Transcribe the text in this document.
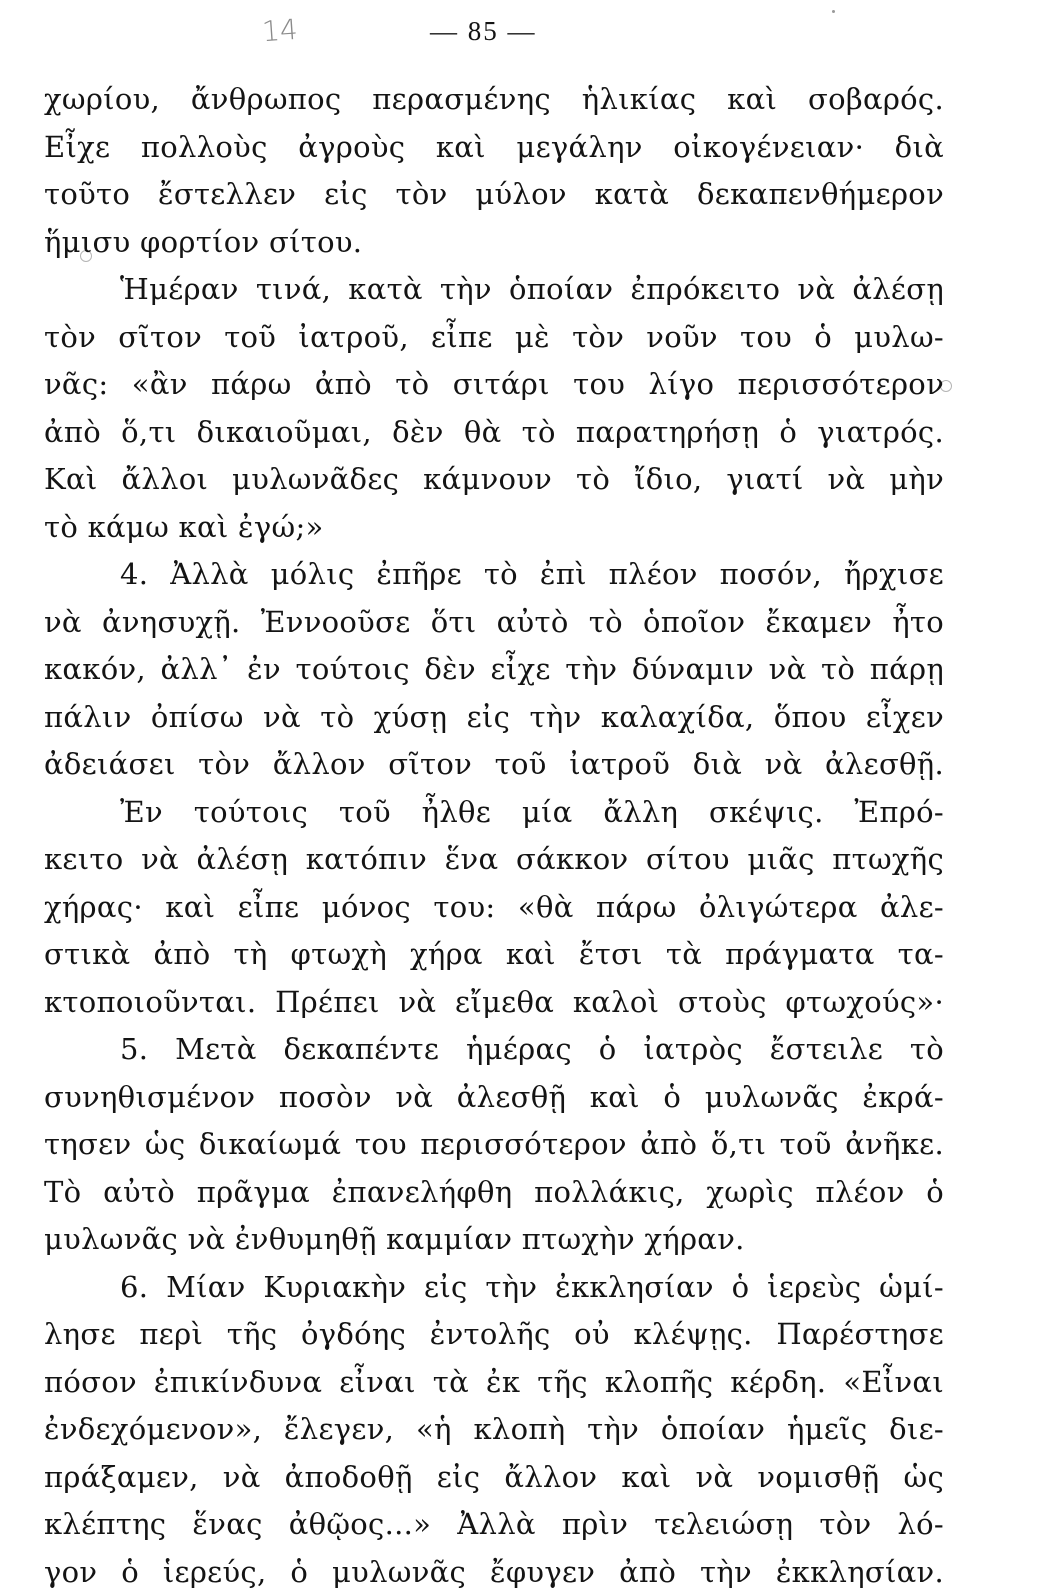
14	— 85 —
χωρίου, ἄνθρωπος περασμένης ἡλικίας καὶ σοβαρός.
Εἶχε πολλοὺς ἀγροὺς καὶ μεγάλην οἰκογένειαν· διὰ
τοῦτο ἔστελλεν εἰς τὸν μύλον κατὰ δεκαπενθήμερον
ἥμισυ φορτίον σίτου.
Ἡμέραν τινά, κατὰ τὴν ὁποίαν ἐπρόκειτο νὰ ἀλέσῃ
τὸν σῖτον τοῦ ἰατροῦ, εἶπε μὲ τὸν νοῦν του ὁ μυλω-
νᾶς: «ἂν πάρω ἀπὸ τὸ σιτάρι του λίγο περισσότερον
ἀπὸ ὅ,τι δικαιοῦμαι, δὲν θὰ τὸ παρατηρήσῃ ὁ γιατρός.
Καὶ ἄλλοι μυλωνᾶδες κάμνουν τὸ ἴδιο, γιατί νὰ μὴν
τὸ κάμω καὶ ἐγώ;»
4. Ἀλλὰ μόλις ἐπῆρε τὸ ἐπὶ πλέον ποσόν, ἤρχισε
νὰ ἀνησυχῇ. Ἐννοοῦσε ὅτι αὐτὸ τὸ ὁποῖον ἔκαμεν ἦτο
κακόν, ἀλλ᾿ ἐν τούτοις δὲν εἶχε τὴν δύναμιν νὰ τὸ πάρῃ
πάλιν ὀπίσω νὰ τὸ χύσῃ εἰς τὴν καλαχίδα, ὅπου εἶχεν
ἀδειάσει τὸν ἄλλον σῖτον τοῦ ἰατροῦ διὰ νὰ ἀλεσθῇ.
Ἐν τούτοις τοῦ ἦλθε μία ἄλλη σκέψις. Ἐπρό-
κειτο νὰ ἀλέσῃ κατόπιν ἕνα σάκκον σίτου μιᾶς πτωχῆς
χήρας· καὶ εἶπε μόνος του: «θὰ πάρω ὀλιγώτερα ἀλε-
στικὰ ἀπὸ τὴ φτωχὴ χήρα καὶ ἔτσι τὰ πράγματα τα-
κτοποιοῦνται. Πρέπει νὰ εἴμεθα καλοὶ στοὺς φτωχούς»·
5. Μετὰ δεκαπέντε ἡμέρας ὁ ἰατρὸς ἔστειλε τὸ
συνηθισμένον ποσὸν νὰ ἀλεσθῇ καὶ ὁ μυλωνᾶς ἐκρά-
τησεν ὡς δικαίωμά του περισσότερον ἀπὸ ὅ,τι τοῦ ἀνῆκε.
Τὸ αὐτὸ πρᾶγμα ἐπανελήφθη πολλάκις, χωρὶς πλέον ὁ
μυλωνᾶς νὰ ἐνθυμηθῇ καμμίαν πτωχὴν χήραν.
6. Μίαν Κυριακὴν εἰς τὴν ἐκκλησίαν ὁ ἱερεὺς ὡμί-
λησε περὶ τῆς ὀγδόης ἐντολῆς οὐ κλέψῃς. Παρέστησε
πόσον ἐπικίνδυνα εἶναι τὰ ἐκ τῆς κλοπῆς κέρδη. «Εἶναι
ἐνδεχόμενον», ἔλεγεν, «ἡ κλοπὴ τὴν ὁποίαν ἡμεῖς διε-
πράξαμεν, νὰ ἀποδοθῇ εἰς ἄλλον καὶ νὰ νομισθῇ ὡς
κλέπτης ἕνας ἀθῷος...» Ἀλλὰ πρὶν τελειώσῃ τὸν λό-
γον ὁ ἱερεύς, ὁ μυλωνᾶς ἔφυγεν ἀπὸ τὴν ἐκκλησίαν.
